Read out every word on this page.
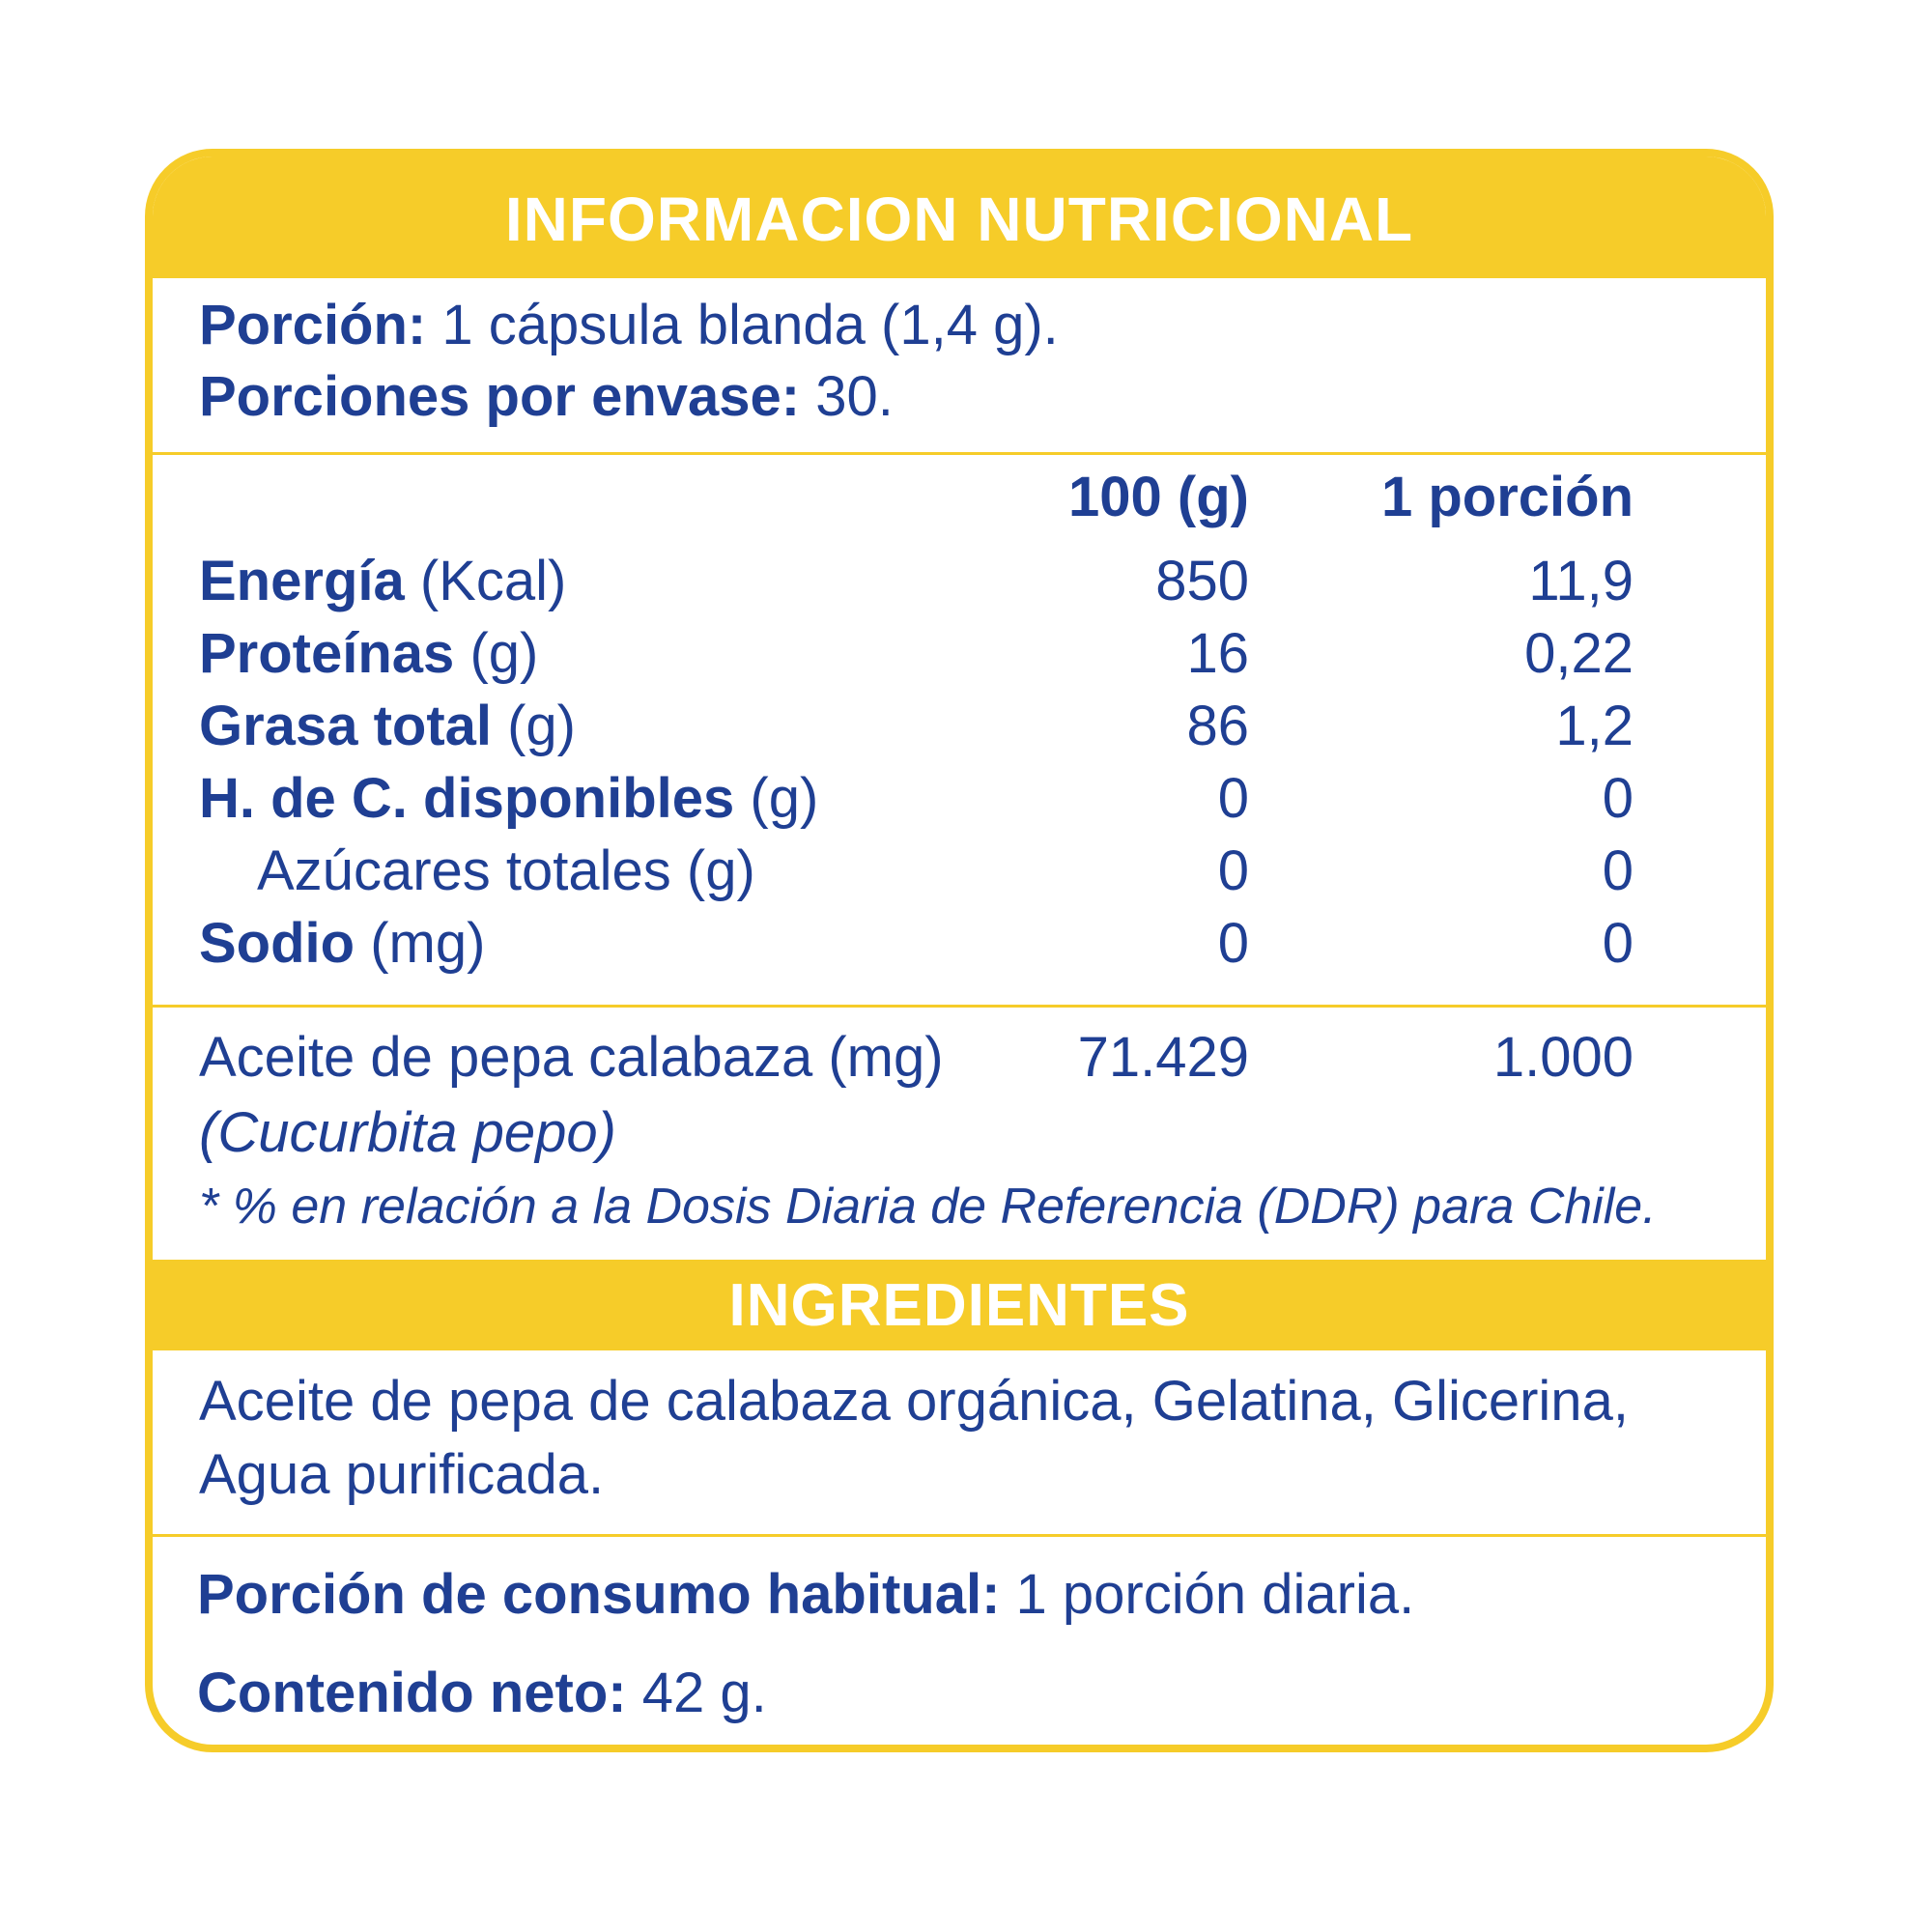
INFORMACION NUTRICIONAL
Porción: 1 cápsula blanda (1,4 g).
Porciones por envase: 30.
100 (g) 1 porción
Energía (Kcal)	850	11,9
Proteínas (g)	16	0,22
Grasa total (g)	86	1,2
H. de C. disponibles (g)	0	0
Azúcares totales (g)	0	0
Sodio (mg)	0	0
Aceite de pepa calabaza (mg) 71.429	1.000
(Cucurbita pepo)
* % en relación a la Dosis Diaria de Referencia (DDR) para Chile.
INGREDIENTES
Aceite de pepa de calabaza orgánica, Gelatina, Glicerina,
Agua purificada.
Porción de consumo habitual: 1 porción diaria.
Contenido neto: 42 g.
